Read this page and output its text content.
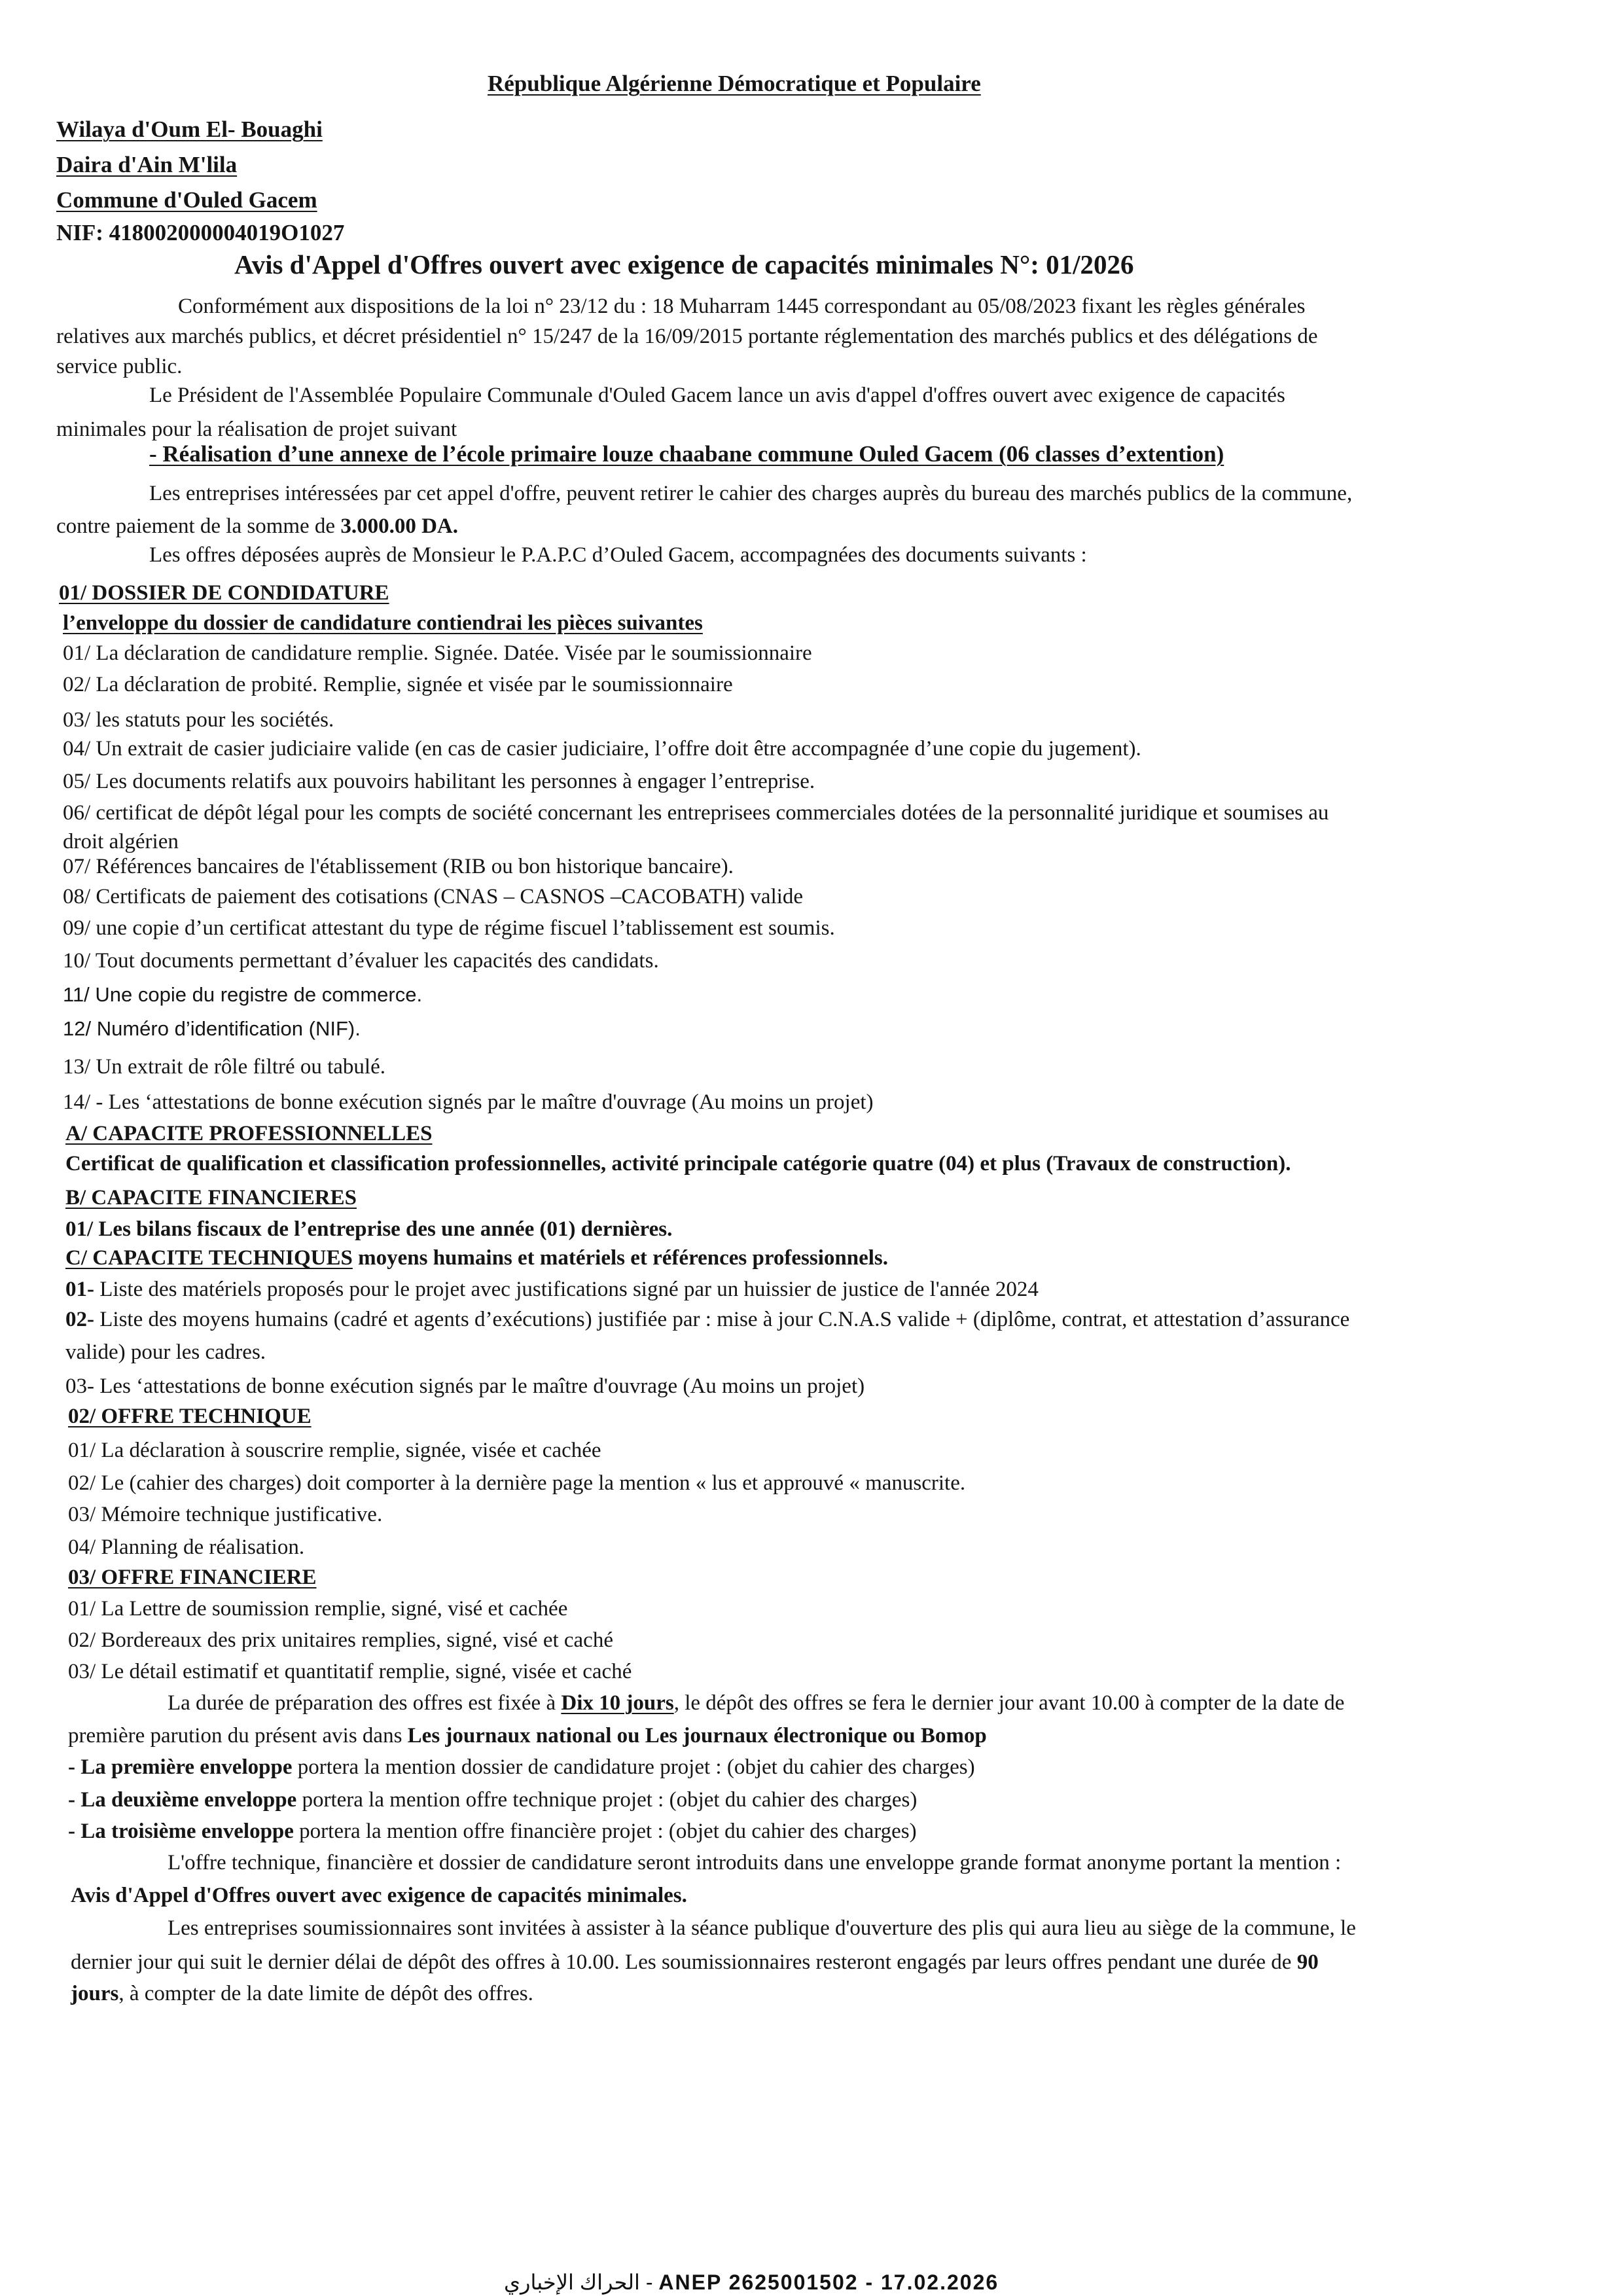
République Algérienne Démocratique et Populaire
Wilaya d'Oum El- Bouaghi
Daira d'Ain M'lila
Commune d'Ouled Gacem
NIF: 418002000004019O1027
Avis d'Appel d'Offres ouvert avec exigence de capacités minimales N°: 01/2026
Conformément aux dispositions de la loi n° 23/12 du : 18 Muharram 1445 correspondant au 05/08/2023 fixant les règles générales
relatives aux marchés publics, et décret présidentiel n° 15/247 de la 16/09/2015 portante réglementation des marchés publics et des délégations de
service public.
Le Président de l'Assemblée Populaire Communale d'Ouled Gacem lance un avis d'appel d'offres ouvert avec exigence de capacités
minimales pour la réalisation de projet suivant
- Réalisation d’une annexe de l’école primaire louze chaabane commune Ouled Gacem (06 classes d’extention)
Les entreprises intéressées par cet appel d'offre, peuvent retirer le cahier des charges auprès du bureau des marchés publics de la commune,
contre paiement de la somme de 3.000.00 DA.
Les offres déposées auprès de Monsieur le P.A.P.C d’Ouled Gacem, accompagnées des documents suivants :
01/ DOSSIER DE CONDIDATURE
l’enveloppe du dossier de candidature contiendrai les pièces suivantes
01/ La déclaration de candidature remplie. Signée. Datée. Visée par le soumissionnaire
02/ La déclaration de probité. Remplie, signée et visée par le soumissionnaire
03/ les statuts pour les sociétés.
04/ Un extrait de casier judiciaire valide (en cas de casier judiciaire, l’offre doit être accompagnée d’une copie du jugement).
05/ Les documents relatifs aux pouvoirs habilitant les personnes à engager l’entreprise.
06/ certificat de dépôt légal pour les compts de société concernant les entreprisees commerciales dotées de la personnalité juridique et soumises au
droit algérien
07/ Références bancaires de l'établissement (RIB ou bon historique bancaire).
08/ Certificats de paiement des cotisations (CNAS – CASNOS –CACOBATH) valide
09/ une copie d’un certificat attestant du type de régime fiscuel l’tablissement est soumis.
10/ Tout documents permettant d’évaluer les capacités des candidats.
11/ Une copie du registre de commerce.
12/ Numéro d’identification (NIF).
13/ Un extrait de rôle filtré ou tabulé.
14/ - Les ‘attestations de bonne exécution signés par le maître d'ouvrage (Au moins un projet)
A/ CAPACITE PROFESSIONNELLES
Certificat de qualification et classification professionnelles, activité principale catégorie quatre (04) et plus (Travaux de construction).
B/ CAPACITE FINANCIERES
01/ Les bilans fiscaux de l’entreprise des une année (01) dernières.
C/ CAPACITE TECHNIQUES moyens humains et matériels et références professionnels.
01- Liste des matériels proposés pour le projet avec justifications signé par un huissier de justice de l'année 2024
02- Liste des moyens humains (cadré et agents d’exécutions) justifiée par : mise à jour C.N.A.S valide + (diplôme, contrat, et attestation d’assurance
valide) pour les cadres.
03- Les ‘attestations de bonne exécution signés par le maître d'ouvrage (Au moins un projet)
02/ OFFRE TECHNIQUE
01/ La déclaration à souscrire remplie, signée, visée et cachée
02/ Le (cahier des charges) doit comporter à la dernière page la mention « lus et approuvé « manuscrite.
03/ Mémoire technique justificative.
04/ Planning de réalisation.
03/ OFFRE FINANCIERE
01/ La Lettre de soumission remplie, signé, visé et cachée
02/ Bordereaux des prix unitaires remplies, signé, visé et caché
03/ Le détail estimatif et quantitatif remplie, signé, visée et caché
La durée de préparation des offres est fixée à Dix 10 jours, le dépôt des offres se fera le dernier jour avant 10.00 à compter de la date de
première parution du présent avis dans Les journaux national ou Les journaux électronique ou Bomop
- La première enveloppe portera la mention dossier de candidature projet : (objet du cahier des charges)
- La deuxième enveloppe portera la mention offre technique projet : (objet du cahier des charges)
- La troisième enveloppe portera la mention offre financière projet : (objet du cahier des charges)
L'offre technique, financière et dossier de candidature seront introduits dans une enveloppe grande format anonyme portant la mention :
Avis d'Appel d'Offres ouvert avec exigence de capacités minimales.
Les entreprises soumissionnaires sont invitées à assister à la séance publique d'ouverture des plis qui aura lieu au siège de la commune, le
dernier jour qui suit le dernier délai de dépôt des offres à 10.00. Les soumissionnaires resteront engagés par leurs offres pendant une durée de 90
jours, à compter de la date limite de dépôt des offres.
الحراك الإخباري - ANEP 2625001502 - 17.02.2026
